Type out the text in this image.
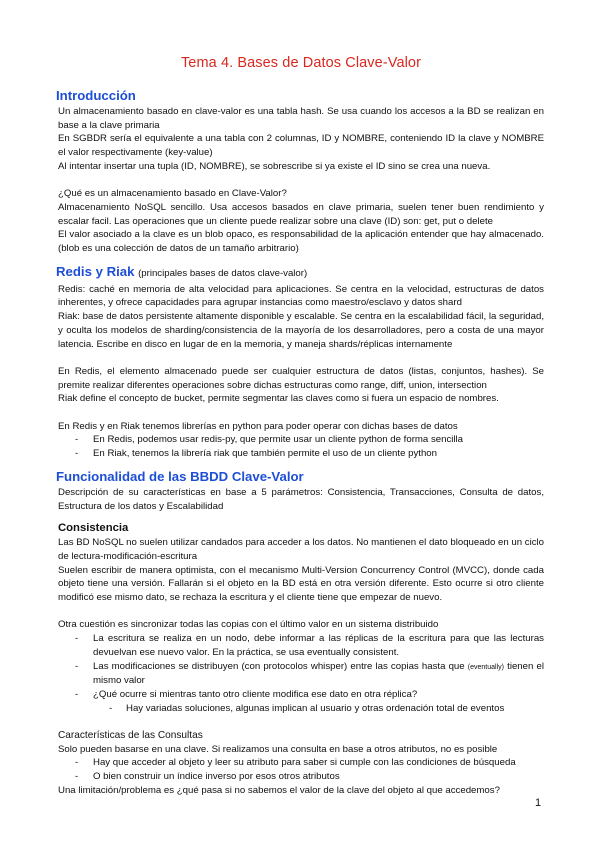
Tema 4. Bases de Datos Clave-Valor
Introducción

Un almacenamiento basado en clave-valor es una tabla hash. Se usa cuando los accesos a la BD se realizan en base a la clave primaria

En SGBDR sería el equivalente a una tabla con 2 columnas, ID y NOMBRE, conteniendo ID la clave y NOMBRE el valor respectivamente (key-value)

Al intentar insertar una tupla (ID, NOMBRE), se sobrescribe si ya existe el ID sino se crea una nueva.

¿Qué es un almacenamiento basado en Clave-Valor?

Almacenamiento NoSQL sencillo. Usa accesos basados en clave primaria, suelen tener buen rendimiento y escalar facil. Las operaciones que un cliente puede realizar sobre una clave (ID) son: get, put o delete

El valor asociado a la clave es un blob opaco, es responsabilidad de la aplicación entender que hay almacenado. (blob es una colección de datos de un tamaño arbitrario)

Redis y Riak (principales bases de datos clave-valor)

Redis: caché en memoria de alta velocidad para aplicaciones. Se centra en la velocidad, estructuras de datos inherentes, y ofrece capacidades para agrupar instancias como maestro/esclavo y datos shard

Riak: base de datos persistente altamente disponible y escalable. Se centra en la escalabilidad fácil, la seguridad, y oculta los modelos de sharding/consistencia de la mayoría de los desarrolladores, pero a costa de una mayor latencia. Escribe en disco en lugar de en la memoria, y maneja shards/réplicas internamente

En Redis, el elemento almacenado puede ser cualquier estructura de datos (listas, conjuntos, hashes). Se premite realizar diferentes operaciones sobre dichas estructuras como range, diff, union, intersection

Riak define el concepto de bucket, permite segmentar las claves como si fuera un espacio de nombres.

En Redis y en Riak tenemos librerías en python para poder operar con dichas bases de datos

- En Redis, podemos usar redis-py, que permite usar un cliente python de forma sencilla
- En Riak, tenemos la librería riak que también permite el uso de un cliente python
Funcionalidad de las BBDD Clave-Valor

Descripción de su características en base a 5 parámetros: Consistencia, Transacciones, Consulta de datos, Estructura de los datos y Escalabilidad

Consistencia

Las BD NoSQL no suelen utilizar candados para acceder a los datos. No mantienen el dato bloqueado en un ciclo de lectura-modificación-escritura

Suelen escribir de manera optimista, con el mecanismo Multi-Version Concurrency Control (MVCC), donde cada objeto tiene una versión. Fallarán si el objeto en la BD está en otra versión diferente. Esto ocurre si otro cliente modificó ese mismo dato, se rechaza la escritura y el cliente tiene que empezar de nuevo.

Otra cuestión es sincronizar todas las copias con el último valor en un sistema distribuido

- La escritura se realiza en un nodo, debe informar a las réplicas de la escritura para que las lecturas devuelvan ese nuevo valor. En la práctica, se usa eventually consistent.
- Las modificaciones se distribuyen (con protocolos whisper) entre las copias hasta que (eventually) tienen el mismo valor
- ¿Qué ocurre si mientras tanto otro cliente modifica ese dato en otra réplica?
- Hay variadas soluciones, algunas implican al usuario y otras ordenación total de eventos
Características de las Consultas

Solo pueden basarse en una clave. Si realizamos una consulta en base a otros atributos, no es posible

- Hay que acceder al objeto y leer su atributo para saber si cumple con las condiciones de búsqueda
- O bien construir un índice inverso por esos otros atributos

Una limitación/problema es ¿qué pasa si no sabemos el valor de la clave del objeto al que accedemos?

1
